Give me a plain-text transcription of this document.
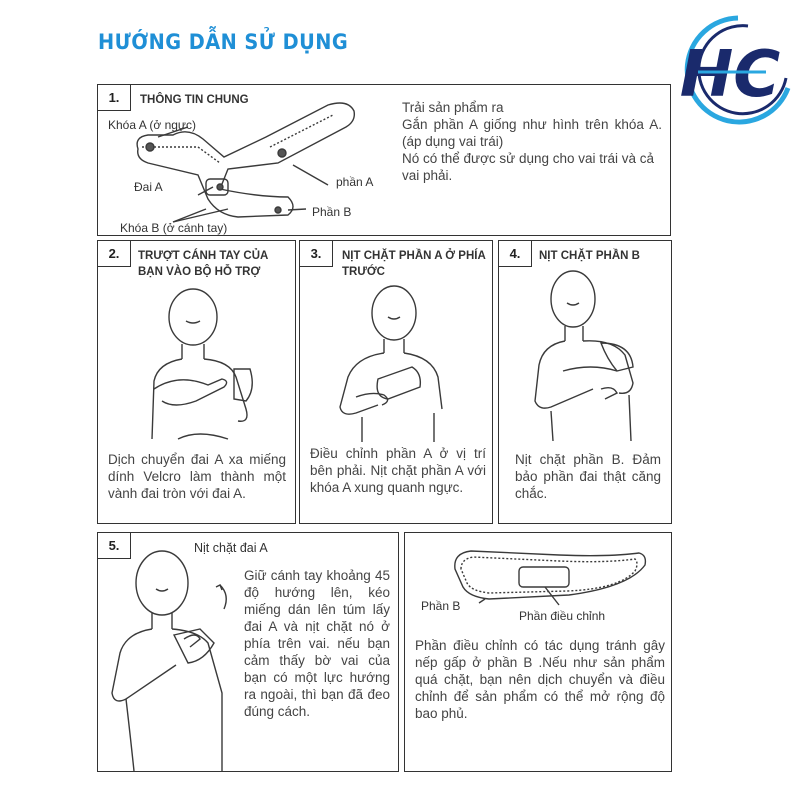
HƯỚNG DẪN SỬ DỤNG	HC
1.	THÔNG TIN CHUNG
Khóa A (ở ngực)
Đai A
Khóa B (ở cánh tay)
phần A
Phần B
Trải sản phẩm ra
Gắn phần A giống như hình trên khóa A. (áp dụng vai trái)
Nó có thể được sử dụng cho vai trái và cả vai phải.
2.	TRƯỢT CÁNH TAY CỦA BẠN VÀO BỘ HỖ TRỢ
Dịch chuyển đai A xa miếng dính Velcro làm thành một vành đai tròn với đai A.
3.	NỊT CHẶT PHẦN A Ở PHÍA TRƯỚC
Điều chỉnh phần A ở vị trí bên phải. Nịt chặt phần A với khóa A xung quanh ngực.
4.	NỊT CHẶT PHẦN B
Nịt chặt phần B. Đảm bảo phần đai thật căng chắc.
5.	Nịt chặt đai A
Giữ cánh tay khoảng 45 độ hướng lên, kéo miếng dán lên túm lấy đai A và nịt chặt nó ở phía trên vai. nếu bạn cảm thấy bờ vai của bạn có một lực hướng ra ngoài, thì bạn đã đeo đúng cách.
Phần B
Phần điều chỉnh
Phần điều chỉnh có tác dụng tránh gây nếp gấp ở phần B .Nếu như sản phẩm quá chặt, bạn nên dịch chuyển và điều chỉnh để sản phẩm có thể mở rộng độ bao phủ.
